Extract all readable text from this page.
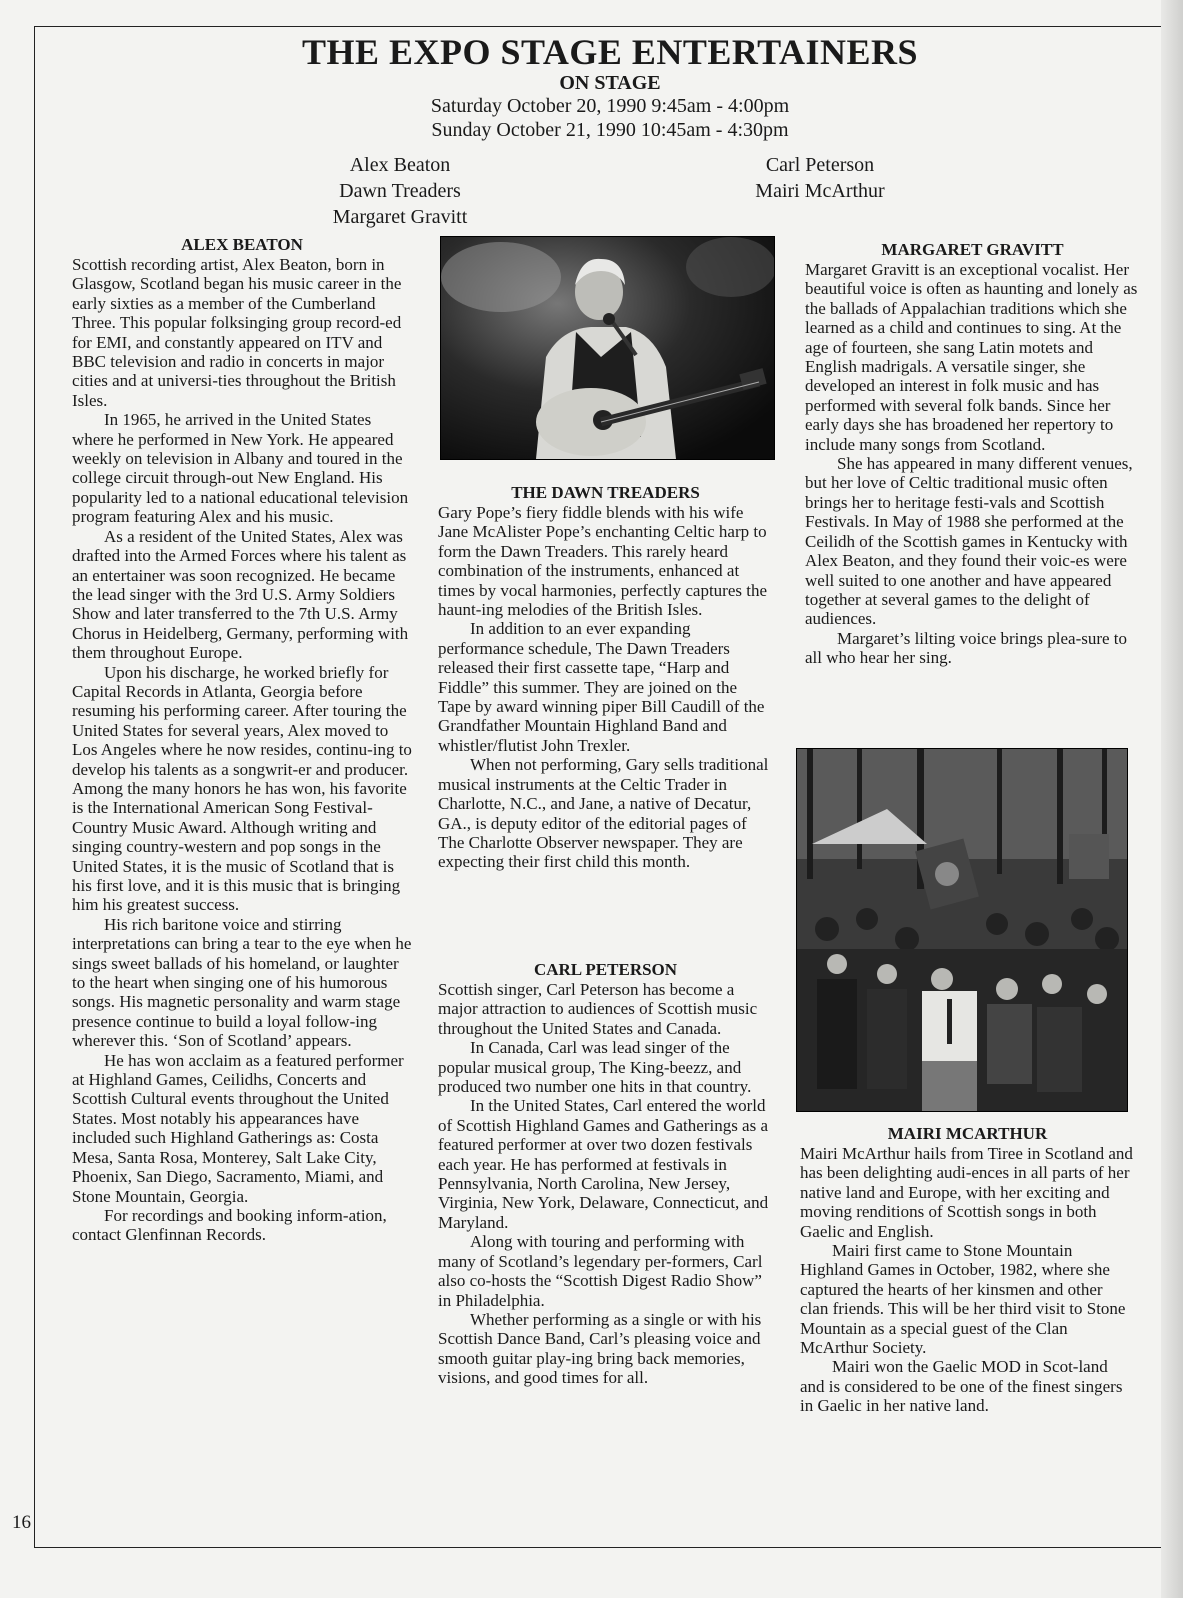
THE EXPO STAGE ENTERTAINERS
ON STAGE
Saturday October 20, 1990 9:45am - 4:00pm
Sunday October 21, 1990 10:45am - 4:30pm
Alex Beaton
Dawn Treaders
Margaret Gravitt
Carl Peterson
Mairi McArthur
ALEX BEATON

Scottish recording artist, Alex Beaton, born in Glasgow, Scotland began his music career in the early sixties as a member of the Cumberland Three. This popular folksinging group record-ed for EMI, and constantly appeared on ITV and BBC television and radio in concerts in major cities and at universi-ties throughout the British Isles.

In 1965, he arrived in the United States where he performed in New York. He appeared weekly on television in Albany and toured in the college circuit through-out New England. His popularity led to a national educational television program featuring Alex and his music.

As a resident of the United States, Alex was drafted into the Armed Forces where his talent as an entertainer was soon recognized. He became the lead singer with the 3rd U.S. Army Soldiers Show and later transferred to the 7th U.S. Army Chorus in Heidelberg, Germany, performing with them throughout Europe.

Upon his discharge, he worked briefly for Capital Records in Atlanta, Georgia before resuming his performing career. After touring the United States for several years, Alex moved to Los Angeles where he now resides, continu-ing to develop his talents as a songwrit-er and producer. Among the many honors he has won, his favorite is the International American Song Festival-Country Music Award. Although writing and singing country-western and pop songs in the United States, it is the music of Scotland that is his first love, and it is this music that is bringing him his greatest success.

His rich baritone voice and stirring interpretations can bring a tear to the eye when he sings sweet ballads of his homeland, or laughter to the heart when singing one of his humorous songs. His magnetic personality and warm stage presence continue to build a loyal follow-ing wherever this. ‘Son of Scotland’ appears.

He has won acclaim as a featured performer at Highland Games, Ceilidhs, Concerts and Scottish Cultural events throughout the United States. Most notably his appearances have included such Highland Gatherings as: Costa Mesa, Santa Rosa, Monterey, Salt Lake City, Phoenix, San Diego, Sacramento, Miami, and Stone Mountain, Georgia.

For recordings and booking inform-ation, contact Glenfinnan Records.

THE DAWN TREADERS

Gary Pope’s fiery fiddle blends with his wife Jane McAlister Pope’s enchanting Celtic harp to form the Dawn Treaders. This rarely heard combination of the instruments, enhanced at times by vocal harmonies, perfectly captures the haunt-ing melodies of the British Isles.

In addition to an ever expanding performance schedule, The Dawn Treaders released their first cassette tape, “Harp and Fiddle” this summer. They are joined on the Tape by award winning piper Bill Caudill of the Grandfather Mountain Highland Band and whistler/flutist John Trexler.

When not performing, Gary sells traditional musical instruments at the Celtic Trader in Charlotte, N.C., and Jane, a native of Decatur, GA., is deputy editor of the editorial pages of The Charlotte Observer newspaper. They are expecting their first child this month.

CARL PETERSON

Scottish singer, Carl Peterson has become a major attraction to audiences of Scottish music throughout the United States and Canada.

In Canada, Carl was lead singer of the popular musical group, The King-beezz, and produced two number one hits in that country.

In the United States, Carl entered the world of Scottish Highland Games and Gatherings as a featured performer at over two dozen festivals each year. He has performed at festivals in Pennsylvania, North Carolina, New Jersey, Virginia, New York, Delaware, Connecticut, and Maryland.

Along with touring and performing with many of Scotland’s legendary per-formers, Carl also co-hosts the “Scottish Digest Radio Show” in Philadelphia.

Whether performing as a single or with his Scottish Dance Band, Carl’s pleasing voice and smooth guitar play-ing bring back memories, visions, and good times for all.

MARGARET GRAVITT

Margaret Gravitt is an exceptional vocalist. Her beautiful voice is often as haunting and lonely as the ballads of Appalachian traditions which she learned as a child and continues to sing. At the age of fourteen, she sang Latin motets and English madrigals. A versatile singer, she developed an interest in folk music and has performed with several folk bands. Since her early days she has broadened her repertory to include many songs from Scotland.

She has appeared in many different venues, but her love of Celtic traditional music often brings her to heritage festi-vals and Scottish Festivals. In May of 1988 she performed at the Ceilidh of the Scottish games in Kentucky with Alex Beaton, and they found their voic-es were well suited to one another and have appeared together at several games to the delight of audiences.

Margaret’s lilting voice brings plea-sure to all who hear her sing.

MAIRI MCARTHUR

Mairi McArthur hails from Tiree in Scotland and has been delighting audi-ences in all parts of her native land and Europe, with her exciting and moving renditions of Scottish songs in both Gaelic and English.

Mairi first came to Stone Mountain Highland Games in October, 1982, where she captured the hearts of her kinsmen and other clan friends. This will be her third visit to Stone Mountain as a special guest of the Clan McArthur Society.

Mairi won the Gaelic MOD in Scot-land and is considered to be one of the finest singers in Gaelic in her native land.

16
